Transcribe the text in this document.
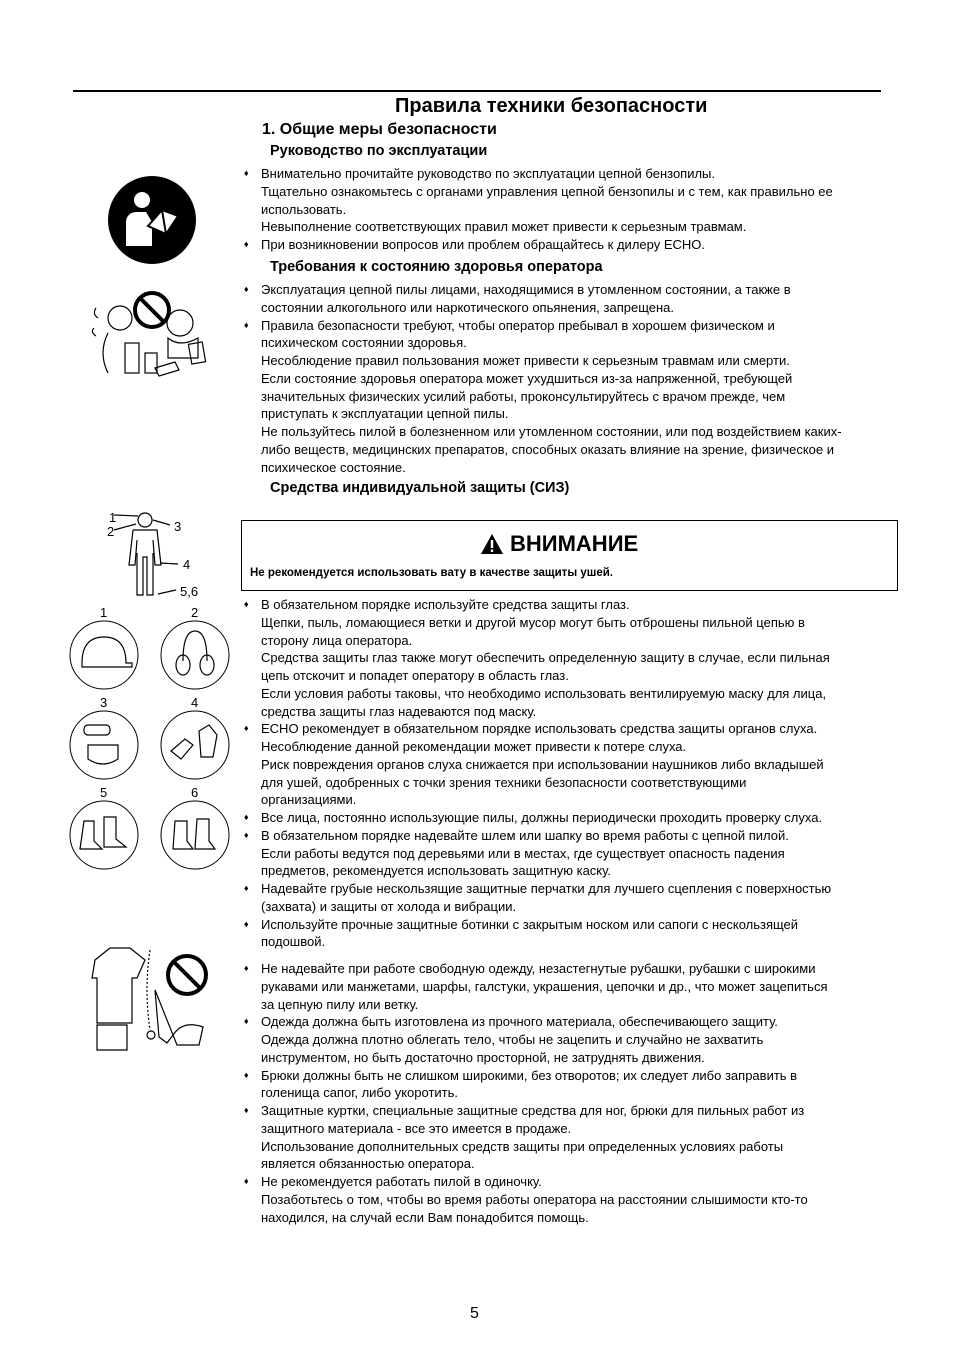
Правила техники безопасности
1. Общие меры безопасности
Руководство по эксплуатации
♦ Внимательно прочитайте руководство по эксплуатации цепной бензопилы.
Тщательно ознакомьтесь с органами управления цепной бензопилы и с тем, как правильно ее
использовать.
Невыполнение соответствующих правил может привести к серьезным травмам.
♦ При возникновении вопросов или проблем обращайтесь к дилеру ECHO.
Требования к состоянию здоровья оператора
♦ Эксплуатация цепной пилы лицами, находящимися в утомленном состоянии, а также в
состоянии алкогольного или наркотического опьянения, запрещена.
♦ Правила безопасности требуют, чтобы оператор пребывал в хорошем физическом и
психическом состоянии здоровья.
Несоблюдение правил пользования может привести к серьезным травмам или смерти.
Если состояние здоровья оператора может ухудшиться из-за напряженной, требующей
значительных физических усилий работы, проконсультируйтесь с врачом прежде, чем
приступать к эксплуатации цепной пилы.
Не пользуйтесь пилой в болезненном или утомленном состоянии, или под воздействием каких-
либо веществ, медицинских препаратов, способных оказать влияние на зрение, физическое и
психическое состояние.
Средства индивидуальной защиты (СИЗ)
ВНИМАНИЕ
Не рекомендуется использовать вату в качестве защиты ушей.
♦ В обязательном порядке используйте средства защиты глаз.
Щепки, пыль, ломающиеся ветки и другой мусор могут быть отброшены пильной цепью в
сторону лица оператора.
Средства защиты глаз также могут обеспечить определенную защиту в случае, если пильная
цепь отскочит и попадет оператору в область глаз.
Если условия работы таковы, что необходимо использовать вентилируемую маску для лица,
средства защиты глаз надеваются под маску.
♦ ECHO рекомендует в обязательном порядке использовать средства защиты органов слуха.
Несоблюдение данной рекомендации может привести к потере слуха.
Риск повреждения органов слуха снижается при использовании наушников либо вкладышей
для ушей, одобренных с точки зрения техники безопасности соответствующими
организациями.
♦ Все лица, постоянно использующие пилы, должны периодически проходить проверку слуха.
♦ В обязательном порядке надевайте шлем или шапку во время работы с цепной пилой.
Если работы ведутся под деревьями или в местах, где существует опасность падения
предметов, рекомендуется использовать защитную каску.
♦ Надевайте грубые нескользящие защитные перчатки для лучшего сцепления с поверхностью
(захвата) и защиты от холода и вибрации.
♦ Используйте прочные защитные ботинки с закрытым носком или сапоги с нескользящей
подошвой.
♦ Не надевайте при работе свободную одежду, незастегнутые рубашки, рубашки с широкими
рукавами или манжетами, шарфы, галстуки, украшения, цепочки и др., что может зацепиться
за цепную пилу или ветку.
♦ Одежда должна быть изготовлена из прочного материала, обеспечивающего защиту.
Одежда должна плотно облегать тело, чтобы не зацепить и случайно не захватить
инструментом, но быть достаточно просторной, не затруднять движения.
♦ Брюки должны быть не слишком широкими, без отворотов; их следует либо заправить в
голенища сапог, либо укоротить.
♦ Защитные куртки, специальные защитные средства для ног, брюки для пильных работ из
защитного материала - все это имеется в продаже.
Использование дополнительных средств защиты при определенных условиях работы
является обязанностью оператора.
♦ Не рекомендуется работать пилой в одиночку.
Позаботьтесь о том, чтобы во время работы оператора на расстоянии слышимости кто-то
находился, на случай если Вам понадобится помощь.
1
2	3
4
5,6
1	2
3	4
5	6
5
